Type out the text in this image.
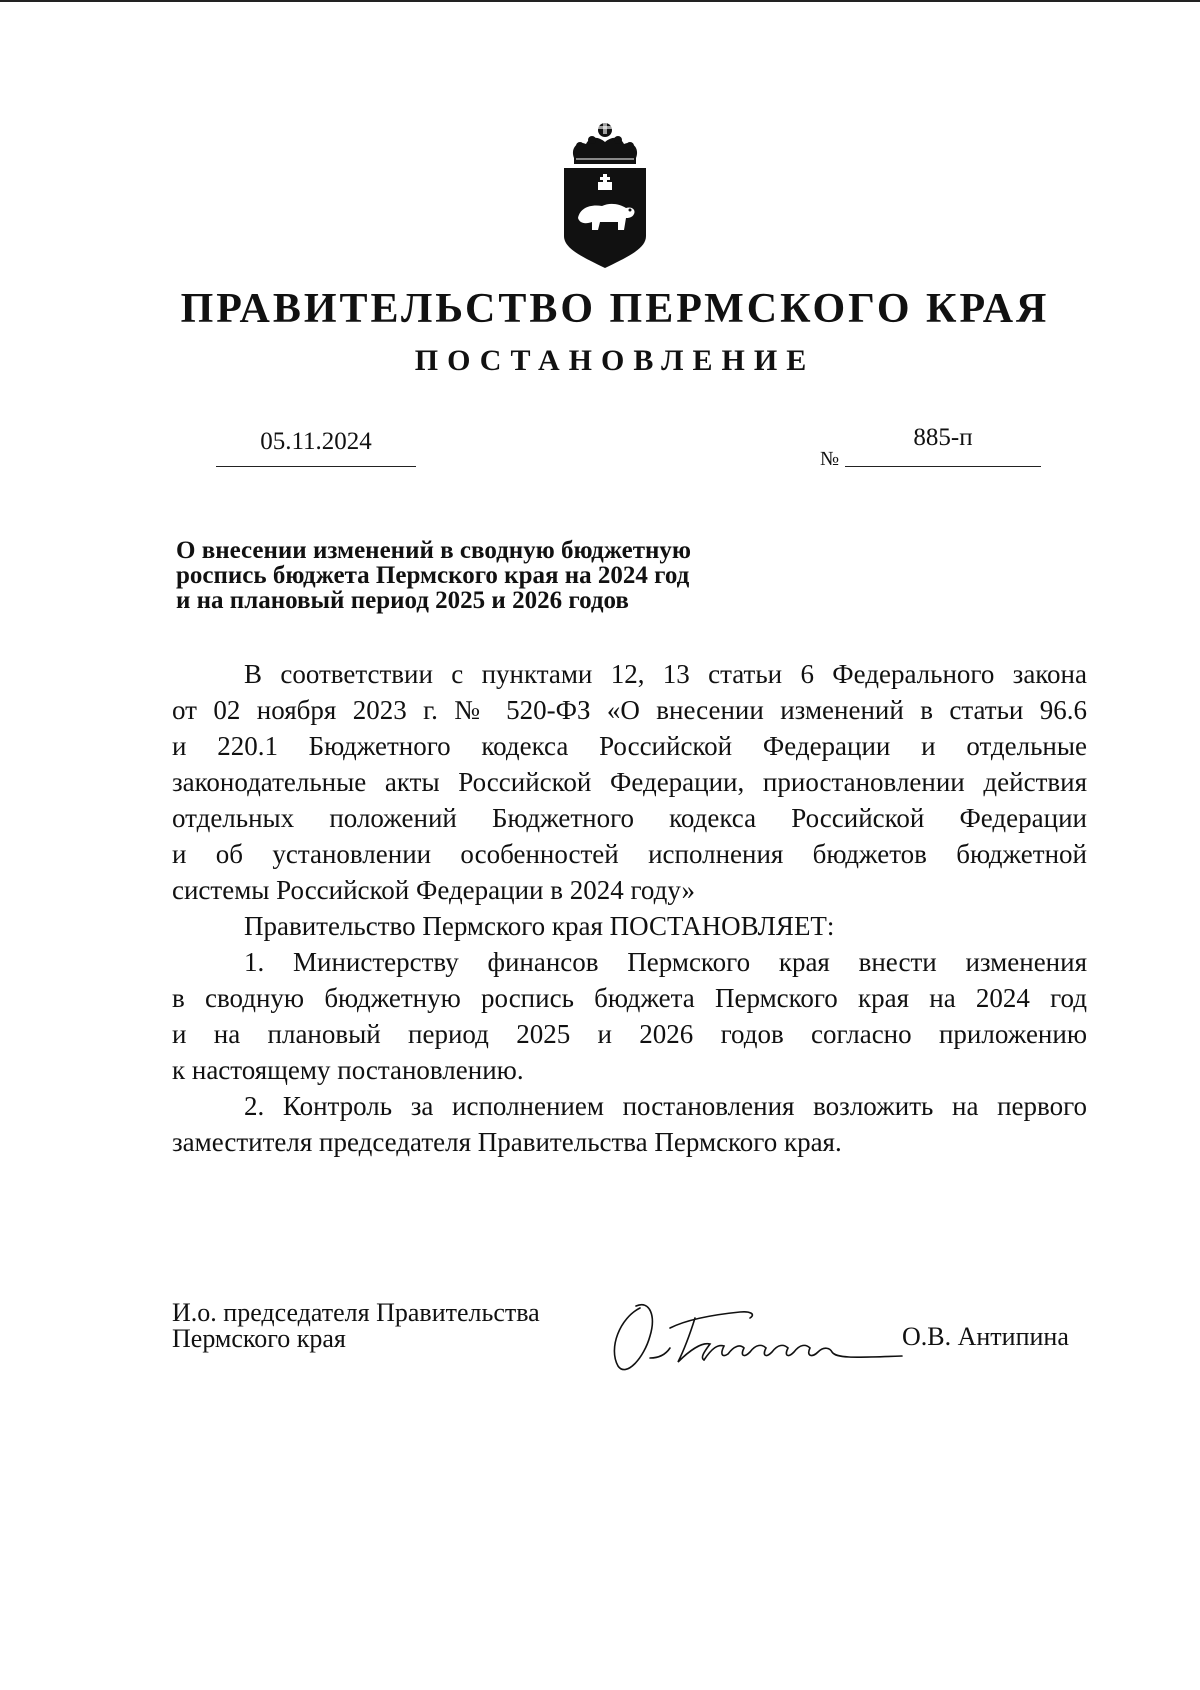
ПРАВИТЕЛЬСТВО ПЕРМСКОГО КРАЯ
ПОСТАНОВЛЕНИЕ
05.11.2024
№
885-п
О внесении изменений в сводную бюджетную
роспись бюджета Пермского края на 2024 год
и на плановый период 2025 и 2026 годов

В соответствии с пунктами 12, 13 статьи 6 Федерального закона

от 02 ноября 2023 г. № 520-ФЗ «О внесении изменений в статьи 96.6

и 220.1 Бюджетного кодекса Российской Федерации и отдельные

законодательные акты Российской Федерации, приостановлении действия

отдельных положений Бюджетного кодекса Российской Федерации

и об установлении особенностей исполнения бюджетов бюджетной

системы Российской Федерации в 2024 году»

Правительство Пермского края ПОСТАНОВЛЯЕТ:

1. Министерству финансов Пермского края внести изменения

в сводную бюджетную роспись бюджета Пермского края на 2024 год

и на плановый период 2025 и 2026 годов согласно приложению

к настоящему постановлению.

2. Контроль за исполнением постановления возложить на первого

заместителя председателя Правительства Пермского края.

И.о. председателя Правительства
Пермского края	О.В. Антипина
